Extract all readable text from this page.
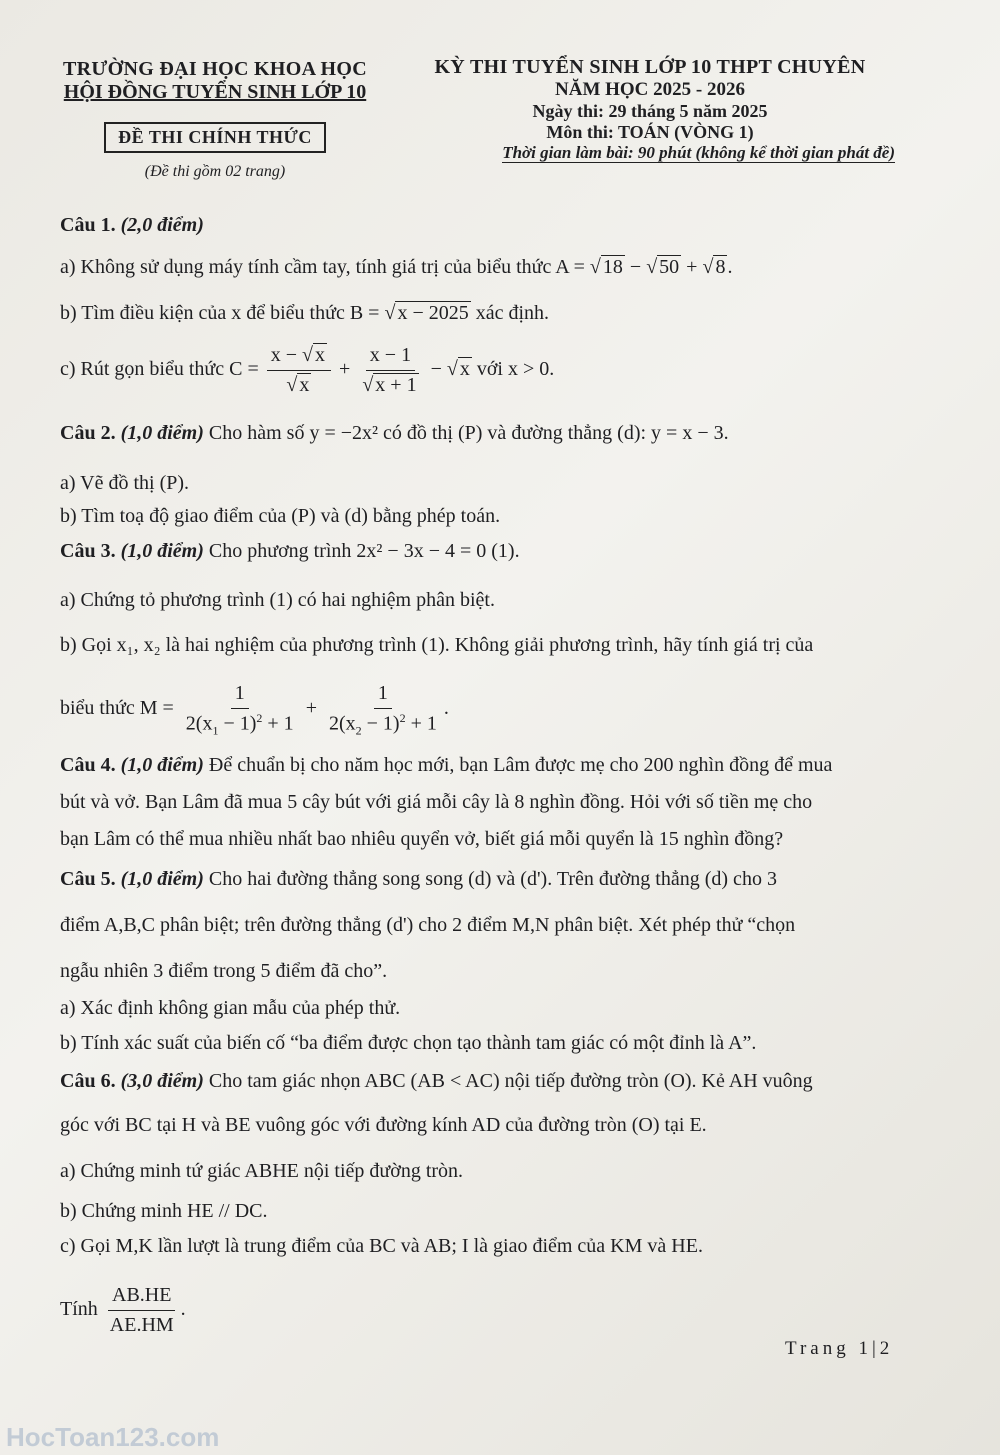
TRƯỜNG ĐẠI HỌC KHOA HỌC
HỘI ĐỒNG TUYỂN SINH LỚP 10
ĐỀ THI CHÍNH THỨC
(Đề thi gồm 02 trang)
KỲ THI TUYỂN SINH LỚP 10 THPT CHUYÊN
NĂM HỌC 2025 - 2026
Ngày thi: 29 tháng 5 năm 2025
Môn thi: TOÁN (VÒNG 1)
Thời gian làm bài: 90 phút (không kể thời gian phát đề)
Câu 1. (2,0 điểm)
a) Không sử dụng máy tính cầm tay, tính giá trị của biểu thức A = √ 18 − √ 50 + √ 8 .
b) Tìm điều kiện của x để biểu thức B = √ x − 2025 xác định.
c) Rút gọn biểu thức $C = \frac{x - √ x}{√ x} + \frac{x - 1}{√ x + 1}$ − √ x với x > 0.
Câu 2. (1,0 điểm) Cho hàm số y = −2x² có đồ thị (P) và đường thẳng (d): y = x − 3.
a) Vẽ đồ thị (P).
b) Tìm toạ độ giao điểm của (P) và (d) bằng phép toán.
Câu 3. (1,0 điểm) Cho phương trình 2x² − 3x − 4 = 0 (1).
a) Chứng tỏ phương trình (1) có hai nghiệm phân biệt.
b) Gọi x₁, x₂ là hai nghiệm của phương trình (1). Không giải phương trình, hãy tính giá trị của
biểu thức $M = \frac{1}{2(x_1 - 1)^2 + 1} + \frac{1}{2(x_2 - 1)^2 + 1}$ .
Câu 4. (1,0 điểm) Để chuẩn bị cho năm học mới, bạn Lâm được mẹ cho 200 nghìn đồng để mua
bút và vở. Bạn Lâm đã mua 5 cây bút với giá mỗi cây là 8 nghìn đồng. Hỏi với số tiền mẹ cho
bạn Lâm có thể mua nhiều nhất bao nhiêu quyển vở, biết giá mỗi quyển là 15 nghìn đồng?
Câu 5. (1,0 điểm) Cho hai đường thẳng song song (d) và (d'). Trên đường thẳng (d) cho 3
điểm A,B,C phân biệt; trên đường thẳng (d') cho 2 điểm M,N phân biệt. Xét phép thử “chọn
ngẫu nhiên 3 điểm trong 5 điểm đã cho”.
a) Xác định không gian mẫu của phép thử.
b) Tính xác suất của biến cố “ba điểm được chọn tạo thành tam giác có một đỉnh là A”.
Câu 6. (3,0 điểm) Cho tam giác nhọn ABC (AB < AC) nội tiếp đường tròn (O). Kẻ AH vuông
góc với BC tại H và BE vuông góc với đường kính AD của đường tròn (O) tại E.
a) Chứng minh tứ giác ABHE nội tiếp đường tròn.
b) Chứng minh HE // DC.
c) Gọi M,K lần lượt là trung điểm của BC và AB; I là giao điểm của KM và HE.
Tính $\frac{AB.HE}{AE.HM}$ .
Trang 1|2
HocToan123.com
